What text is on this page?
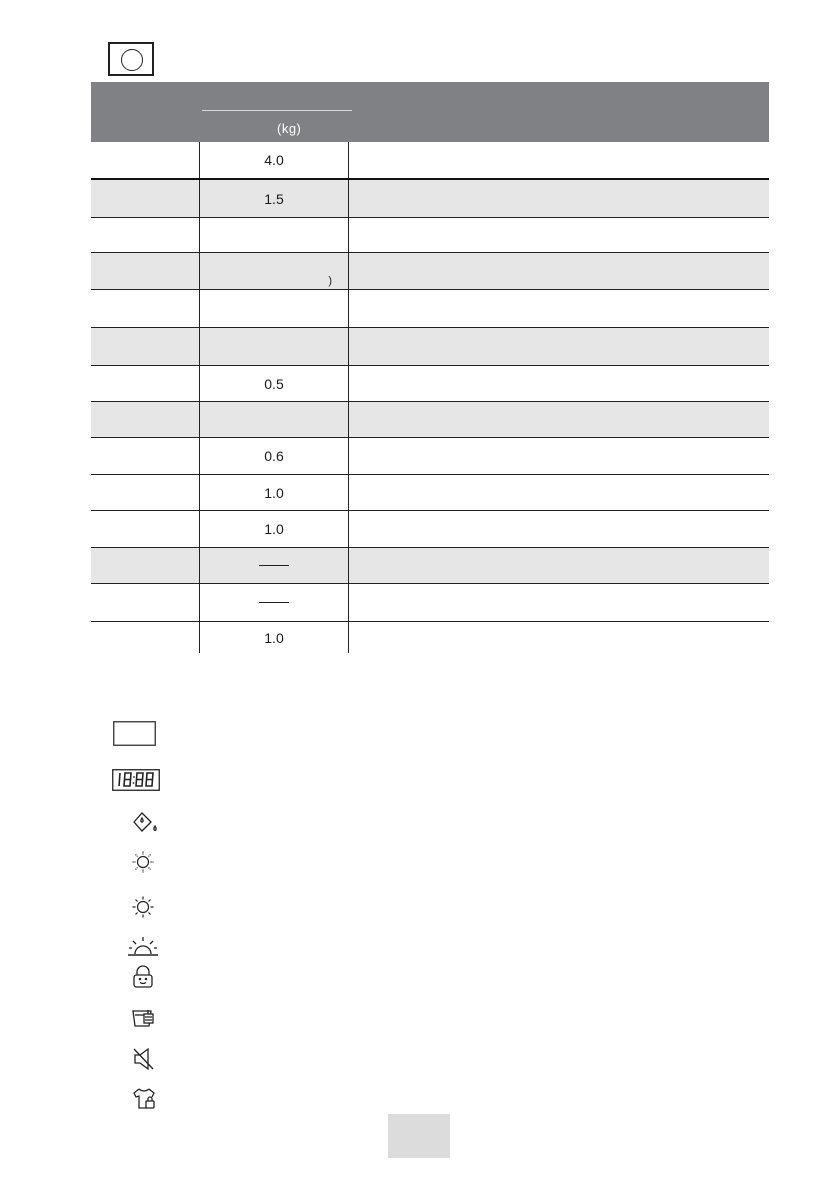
(kg)
4.0
1.5
)
0.5
0.6
1.0
1.0
1.0
